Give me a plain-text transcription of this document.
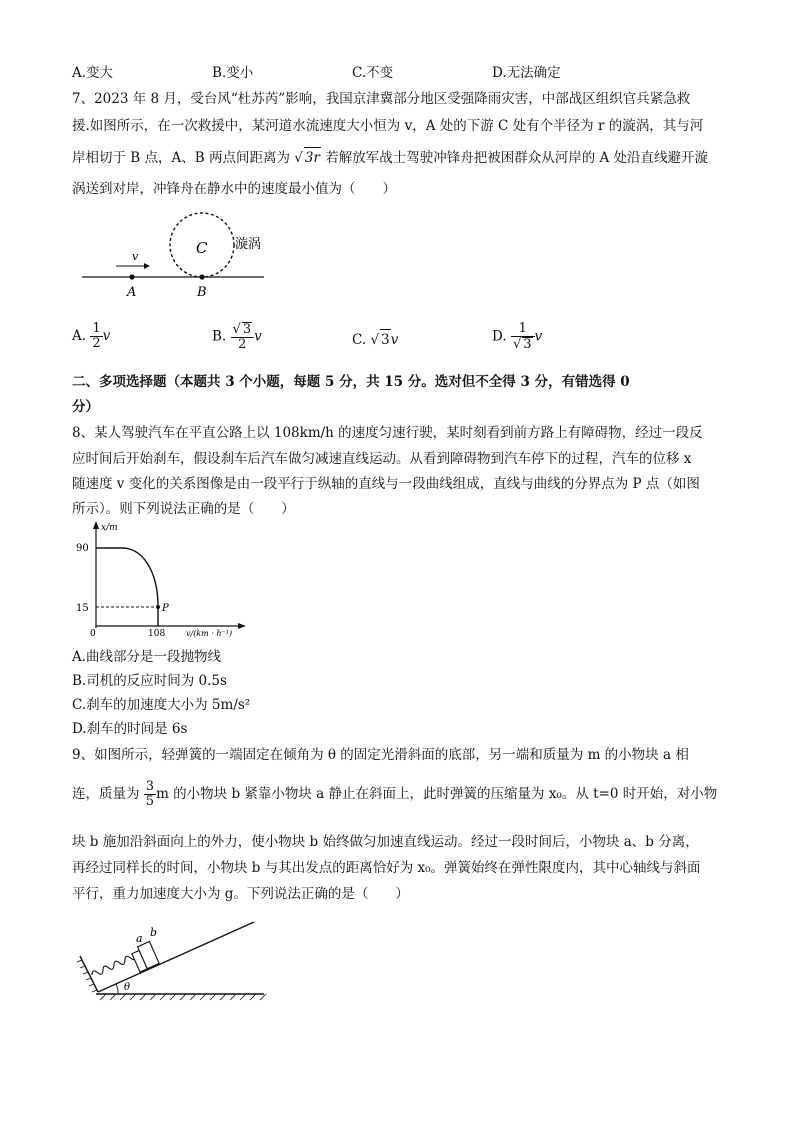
A.变大	B.变小	C.不变	D.无法确定
7、2023 年 8 月，受台风“杜苏芮”影响，我国京津冀部分地区受强降雨灾害，中部战区组织官兵紧急救
援.如图所示，在一次救援中，某河道水流速度大小恒为 v，A 处的下游 C 处有个半径为 r 的漩涡，其与河
岸相切于 B 点，A、B 两点间距离为 √ 3r 若解放军战士驾驶冲锋舟把被困群众从河岸的 A 处沿直线避开漩
涡送到对岸，冲锋舟在静水中的速度最小值为（　　）
C 漩涡
v
A	B
A. $\frac{1}{2}$ v	B. $\frac{√ 3}{2}$ v	C. √ 3v	D. $\frac{1}{√ 3}$ v
二、多项选择题（本题共 3 个小题，每题 5 分，共 15 分。选对但不全得 3 分，有错选得 0
分）
8、某人驾驶汽车在平直公路上以 108km/h 的速度匀速行驶，某时刻看到前方路上有障碍物，经过一段反
应时间后开始刹车，假设刹车后汽车做匀减速直线运动。从看到障碍物到汽车停下的过程，汽车的位移 x
随速度 v 变化的关系图像是由一段平行于纵轴的直线与一段曲线组成，直线与曲线的分界点为 P 点（如图
所示）。则下列说法正确的是（　　）
x/m
v/(km · h⁻¹)
90
15
0	108
P
A.曲线部分是一段抛物线
B.司机的反应时间为 0.5s
C.刹车的加速度大小为 5m/s²
D.刹车的时间是 6s
9、如图所示，轻弹簧的一端固定在倾角为 θ 的固定光滑斜面的底部，另一端和质量为 m 的小物块 a 相
连，质量为 $\frac{3}{5}$ m 的小物块 b 紧靠小物块 a 静止在斜面上，此时弹簧的压缩量为 x₀。从 t=0 时开始，对小物
块 b 施加沿斜面向上的外力，使小物块 b 始终做匀加速直线运动。经过一段时间后，小物块 a、b 分离，
再经过同样长的时间，小物块 b 与其出发点的距离恰好为 x₀。弹簧始终在弹性限度内，其中心轴线与斜面
平行，重力加速度大小为 g。下列说法正确的是（　　）
a b
θ
